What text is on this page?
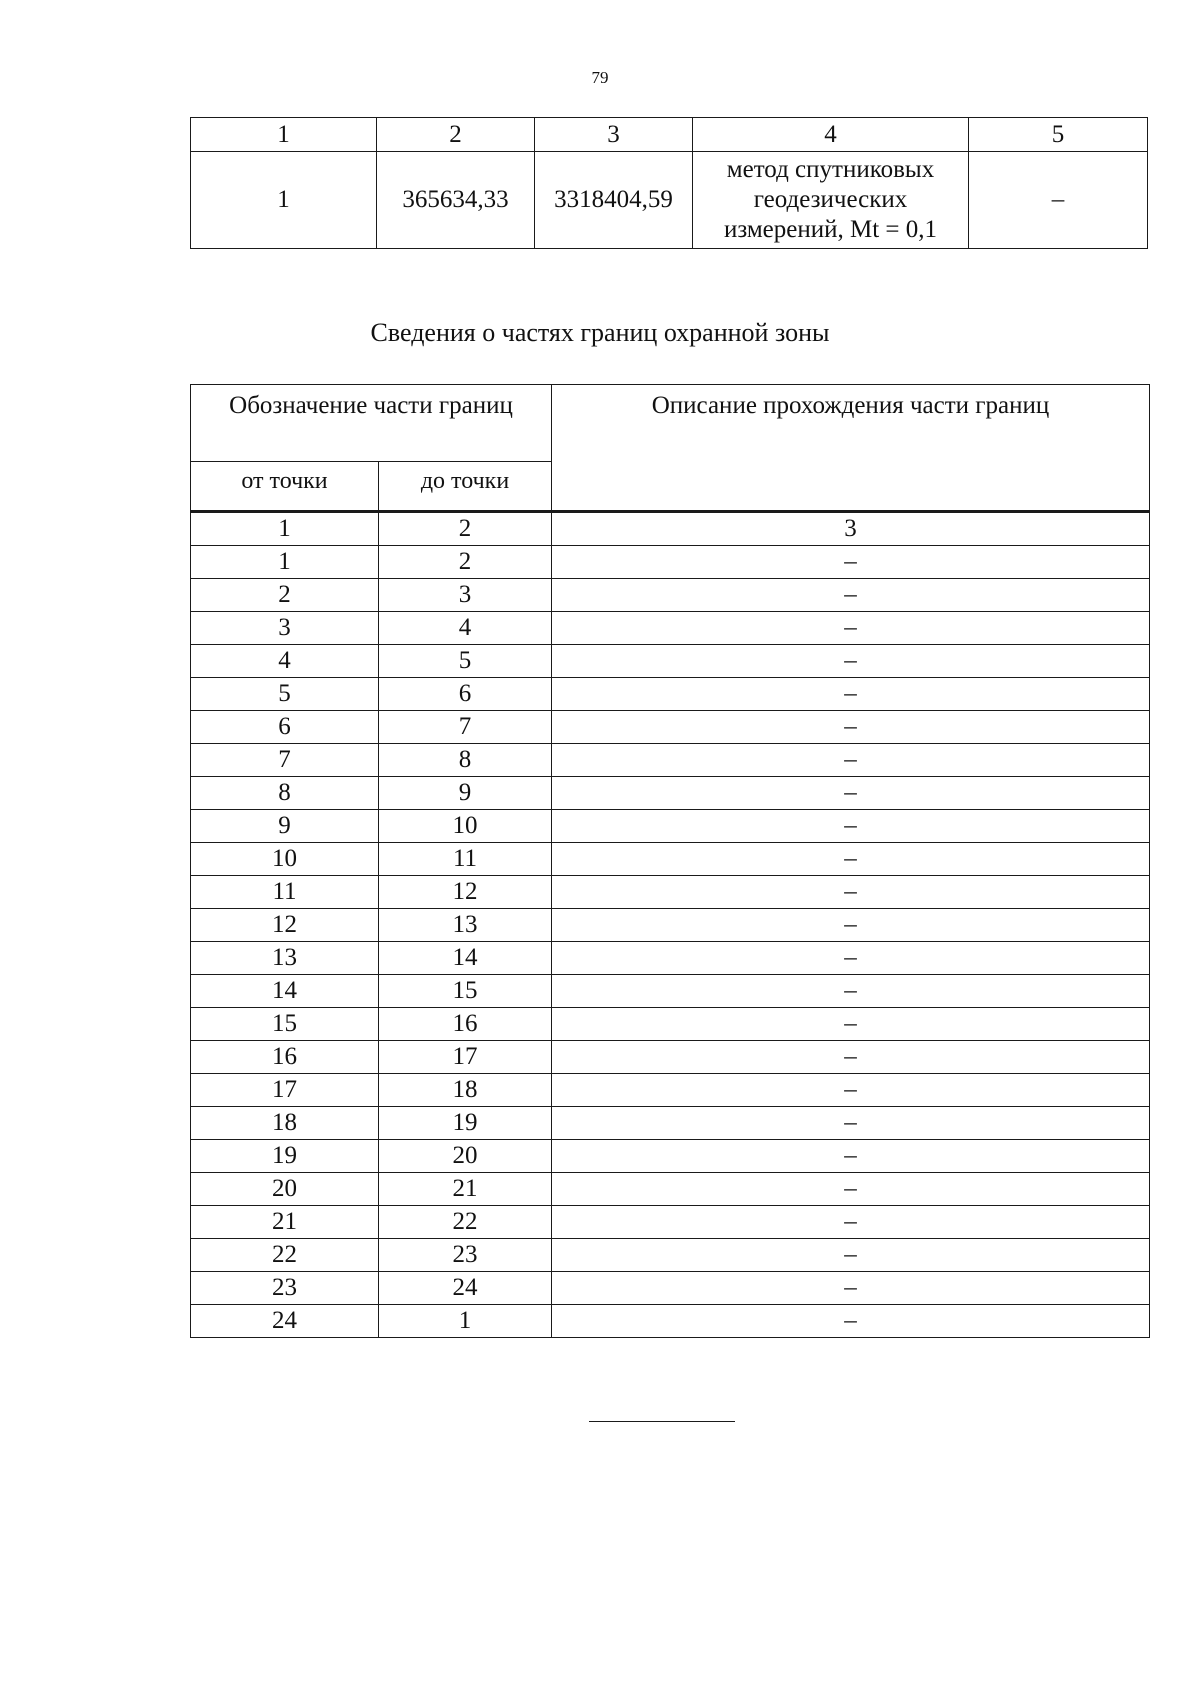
79
1	2	3	4	5
1	365634,33	3318404,59	метод спутниковых
геодезических
измерений, Mt = 0,1	–
Сведения о частях границ охранной зоны
Обозначение части границ		Описание прохождения части границ
от точки	до точки	
1	2	3
1	2	–
2	3	–
3	4	–
4	5	–
5	6	–
6	7	–
7	8	–
8	9	–
9	10	–
10	11	–
11	12	–
12	13	–
13	14	–
14	15	–
15	16	–
16	17	–
17	18	–
18	19	–
19	20	–
20	21	–
21	22	–
22	23	–
23	24	–
24	1	–
